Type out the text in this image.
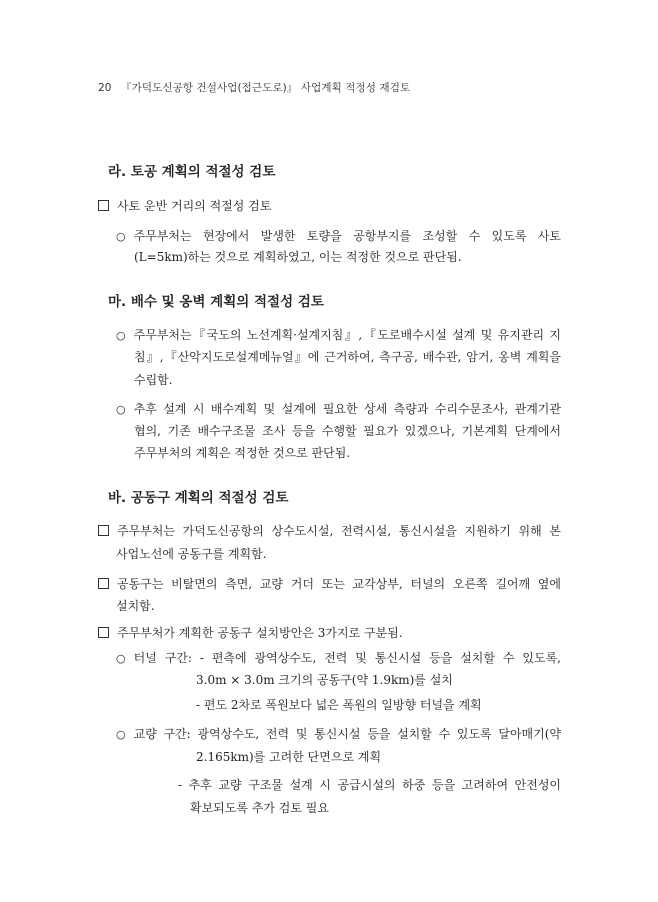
20 『가덕도신공항 건설사업(접근도로)』 사업계획 적정성 재검토
라. 토공 계획의 적절성 검토
사토 운반 거리의 적절성 검토
○ 주무부처는 현장에서 발생한 토량을 공항부지를 조성할 수 있도록 사토
(L=5km)하는 것으로 계획하였고, 이는 적정한 것으로 판단됨.
마. 배수 및 옹벽 계획의 적절성 검토
○ 주무부처는『국도의 노선계획·설계지침』,『도로배수시설 설계 및 유지관리 지
침』,『산악지도로설계메뉴얼』에 근거하여, 측구공, 배수관, 암거, 옹벽 계획을
수립함.
○ 추후 설계 시 배수계획 및 설계에 필요한 상세 측량과 수리수문조사, 관계기관
협의, 기존 배수구조물 조사 등을 수행할 필요가 있겠으나, 기본계획 단계에서
주무부처의 계획은 적정한 것으로 판단됨.
바. 공동구 계획의 적절성 검토
주무부처는 가덕도신공항의 상수도시설, 전력시설, 통신시설을 지원하기 위해 본
사업노선에 공동구를 계획함.
공동구는 비탈면의 측면, 교량 거더 또는 교각상부, 터널의 오른쪽 길어깨 옆에
설치함.
주무부처가 계획한 공동구 설치방안은 3가지로 구분됨.
○ 터널 구간: - 편측에 광역상수도, 전력 및 통신시설 등을 설치할 수 있도록,
3.0m × 3.0m 크기의 공동구(약 1.9km)를 설치
- 편도 2차로 폭원보다 넓은 폭원의 일방향 터널을 계획
○ 교량 구간: 광역상수도, 전력 및 통신시설 등을 설치할 수 있도록 달아매기(약
2.165km)를 고려한 단면으로 계획
- 추후 교량 구조물 설계 시 공급시설의 하중 등을 고려하여 안전성이
확보되도록 추가 검토 필요
